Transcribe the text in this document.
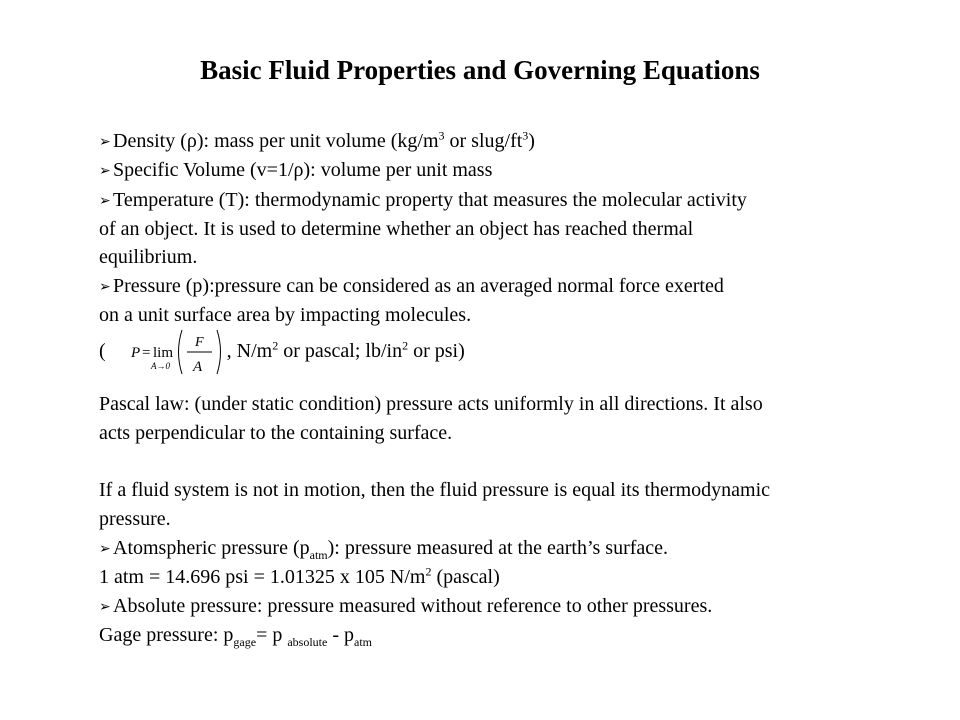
Basic Fluid Properties and Governing Equations
➢ Density (ρ): mass per unit volume ($kg/m^3$ or slug/$ft^3$)
➢ Specific Volume (v=1/ρ): volume per unit mass
➢ Temperature (T): thermodynamic property that measures the molecular activity
of an object. It is used to determine whether an object has reached thermal
equilibrium.
➢ Pressure (p):pressure can be considered as an averaged normal force exerted
on a unit surface area by impacting molecules.
( P = lim
A→0
F
A
, $N/m^2$ or pascal; $lb/in^2$ or psi)
Pascal law: (under static condition) pressure acts uniformly in all directions. It also
acts perpendicular to the containing surface.
If a fluid system is not in motion, then the fluid pressure is equal its thermodynamic
pressure.
➢ Atomspheric pressure $(p_{atm})$: pressure measured at the earth’s surface.
1 atm = 14.696 psi = 1.01325 x 105 $N/m^2$ (pascal)
➢ Absolute pressure: pressure measured without reference to other pressures.
Gage pressure: $p_{gage}= p$ $_{absolute} - p_{atm}$
